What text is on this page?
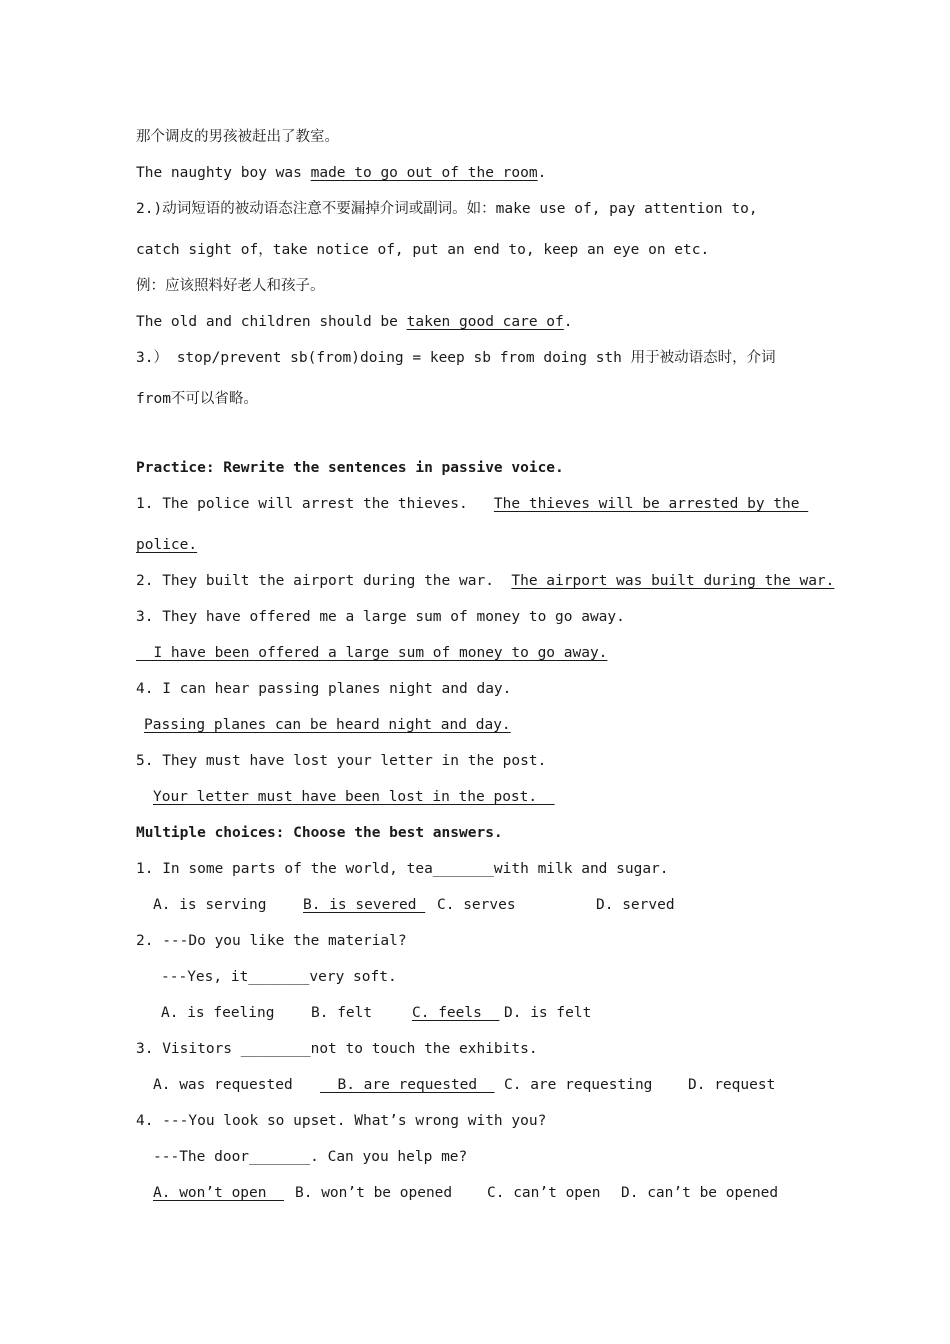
那个调皮的男孩被赶出了教室。
The naughty boy was made to go out of the room.
2.)动词短语的被动语态注意不要漏掉介词或副词。如：make use of, pay attention to,
catch sight of，take notice of, put an end to, keep an eye on etc.
例：应该照料好老人和孩子。
The old and children should be taken good care of.
3.） stop/prevent sb(from)doing = keep sb from doing sth 用于被动语态时，介词
from不可以省略。
Practice: Rewrite the sentences in passive voice.
1. The police will arrest the thieves.   The thieves will be arrested by the
police.
2. They built the airport during the war.  The airport was built during the war.
3. They have offered me a large sum of money to go away.
I have been offered a large sum of money to go away.
4. I can hear passing planes night and day.
Passing planes can be heard night and day.
5. They must have lost your letter in the post.
Your letter must have been lost in the post.
Multiple choices: Choose the best answers.
1. In some parts of the world, tea_______with milk and sugar.
A. is serving	B. is severed C. serves	D. served
2. ---Do you like the material?
---Yes, it_______very soft.
A. is feeling	B. felt	C. feels D. is felt
3. Visitors ________not to touch the exhibits.
A. was requested B. are requested C. are requesting D. request
4. ---You look so upset. What’s wrong with you?
---The door_______. Can you help me?
A. won’t open B. won’t be opened C. can’t open D. can’t be opened
